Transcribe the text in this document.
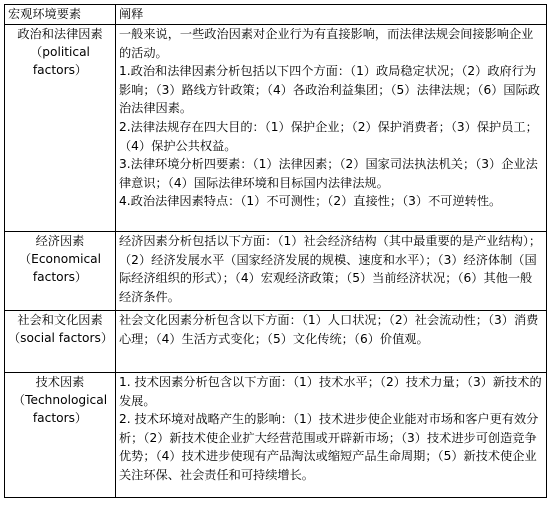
宏观环境要素	阐释

政治和法律因素（political factors）	一般来说，一些政治因素对企业行为有直接影响，而法律法规会间接影响企业的活动。

1.政治和法律因素分析包括以下四个方面：（1）政局稳定状况；（2）政府行为影响；（3）路线方针政策；（4）各政治利益集团；（5）法律法规；（6）国际政治法律因素。

2.法律法规存在四大目的：（1）保护企业；（2）保护消费者；（3）保护员工；（4）保护公共权益。

3.法律环境分析四要素：（1）法律因素；（2）国家司法执法机关；（3）企业法律意识；（4）国际法律环境和目标国内法律法规。

4.政治法律因素特点：（1）不可测性；（2）直接性；（3）不可逆转性。

经济因素（Economical factors）	经济因素分析包括以下方面：（1）社会经济结构（其中最重要的是产业结构）；（2）经济发展水平（国家经济发展的规模、速度和水平）；（3）经济体制（国际经济组织的形式）；（4）宏观经济政策；（5）当前经济状况；（6）其他一般经济条件。

社会和文化因素（social factors）	社会文化因素分析包含以下方面：（1）人口状况；（2）社会流动性；（3）消费心理；（4）生活方式变化；（5）文化传统；（6）价值观。

技术因素（Technological factors）	1. 技术因素分析包含以下方面：（1）技术水平；（2）技术力量；（3）新技术的发展。

2. 技术环境对战略产生的影响：（1）技术进步使企业能对市场和客户更有效分析；（2）新技术使企业扩大经营范围或开辟新市场；（3）技术进步可创造竞争优势；（4）技术进步使现有产品淘汰或缩短产品生命周期；（5）新技术使企业关注环保、社会责任和可持续增长。
